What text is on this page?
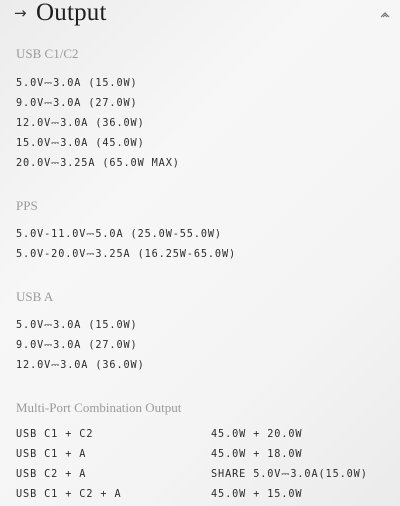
→ Output
USB C1/C2
5.0V⎓3.0A (15.0W)
9.0V⎓3.0A (27.0W)
12.0V⎓3.0A (36.0W)
15.0V⎓3.0A (45.0W)
20.0V⎓3.25A (65.0W MAX)
PPS
5.0V-11.0V⎓5.0A (25.0W-55.0W)
5.0V-20.0V⎓3.25A (16.25W-65.0W)
USB A
5.0V⎓3.0A (15.0W)
9.0V⎓3.0A (27.0W)
12.0V⎓3.0A (36.0W)
Multi-Port Combination Output
USB C1 + C2	45.0W + 20.0W
USB C1 + A	45.0W + 18.0W
USB C2 + A	SHARE 5.0V⎓3.0A(15.0W)
USB C1 + C2 + A	45.0W + 15.0W
